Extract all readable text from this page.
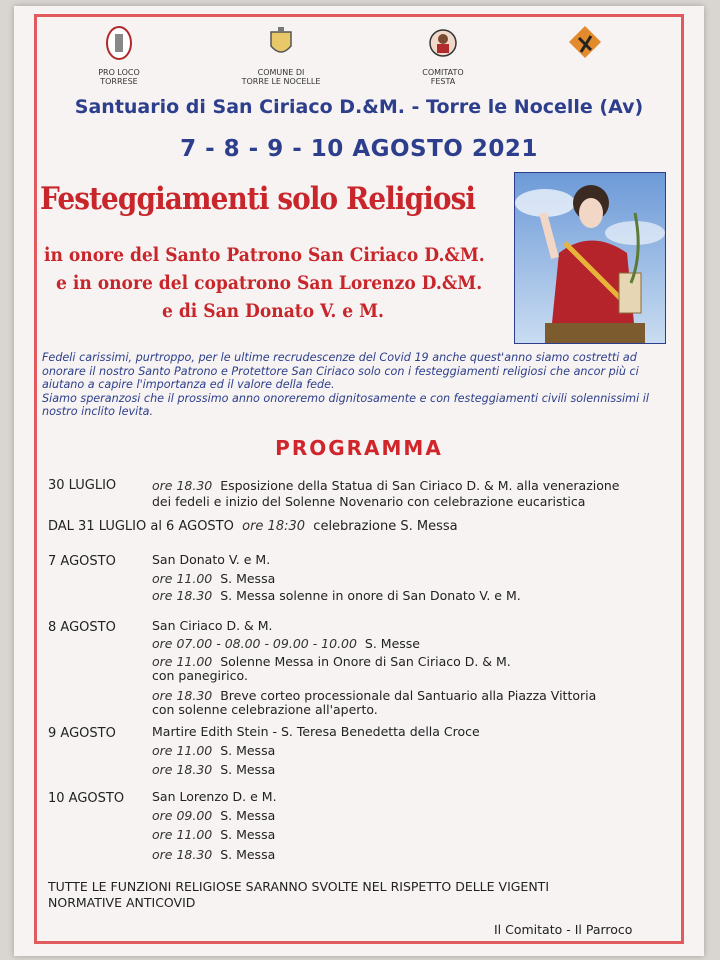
PRO LOCO
TORRESE
COMUNE DI
TORRE LE NOCELLE
COMITATO
FESTA
Santuario di San Ciriaco D.&M. - Torre le Nocelle (Av)
7 - 8 - 9 - 10 AGOSTO 2021
Festeggiamenti solo Religiosi
in onore del Santo Patrono San Ciriaco D.&M.
e in onore del copatrono San Lorenzo D.&M.
e di San Donato V. e M.
Fedeli carissimi, purtroppo, per le ultime recrudescenze del Covid 19 anche quest'anno siamo costretti ad onorare il nostro Santo Patrono e Protettore San Ciriaco solo con i festeggiamenti religiosi che ancor più ci aiutano a capire l'importanza ed il valore della fede.
Siamo speranzosi che il prossimo anno onoreremo dignitosamente e con festeggiamenti civili solennissimi il nostro inclito levita.
PROGRAMMA
30 LUGLIO	ore 18.30 Esposizione della Statua di San Ciriaco D. & M. alla venerazione
dei fedeli e inizio del Solenne Novenario con celebrazione eucaristica
DAL 31 LUGLIO al 6 AGOSTO ore 18:30 celebrazione S. Messa
7 AGOSTO	San Donato V. e M.
ore 11.00 S. Messa
ore 18.30 S. Messa solenne in onore di San Donato V. e M.
8 AGOSTO	San Ciriaco D. & M.
ore 07.00 - 08.00 - 09.00 - 10.00 S. Messe
ore 11.00 Solenne Messa in Onore di San Ciriaco D. & M.
con panegirico.
ore 18.30 Breve corteo processionale dal Santuario alla Piazza Vittoria
con solenne celebrazione all'aperto.
9 AGOSTO	Martire Edith Stein - S. Teresa Benedetta della Croce
ore 11.00 S. Messa
ore 18.30 S. Messa
10 AGOSTO San Lorenzo D. e M.
ore 09.00 S. Messa
ore 11.00 S. Messa
ore 18.30 S. Messa
TUTTE LE FUNZIONI RELIGIOSE SARANNO SVOLTE NEL RISPETTO DELLE VIGENTI
NORMATIVE ANTICOVID
Il Comitato - Il Parroco
